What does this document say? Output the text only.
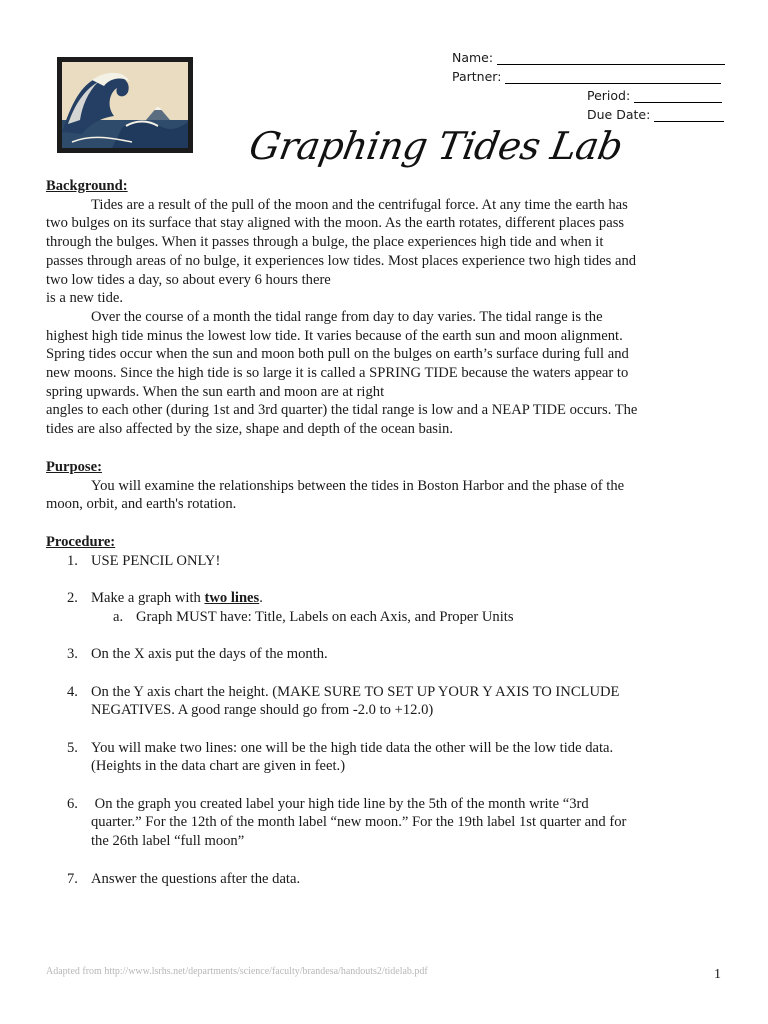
Name:
Partner:
Period:
Due Date:
Graphing Tides Lab
Background:
Tides are a result of the pull of the moon and the centrifugal force. At any time the earth has
two bulges on its surface that stay aligned with the moon. As the earth rotates, different places pass
through the bulges. When it passes through a bulge, the place experiences high tide and when it
passes through areas of no bulge, it experiences low tides. Most places experience two high tides and
two low tides a day, so about every 6 hours there
is a new tide.
Over the course of a month the tidal range from day to day varies. The tidal range is the
highest high tide minus the lowest low tide. It varies because of the earth sun and moon alignment.
Spring tides occur when the sun and moon both pull on the bulges on earth’s surface during full and
new moons. Since the high tide is so large it is called a SPRING TIDE because the waters appear to
spring upwards. When the sun earth and moon are at right
angles to each other (during 1st and 3rd quarter) the tidal range is low and a NEAP TIDE occurs. The
tides are also affected by the size, shape and depth of the ocean basin.
Purpose:
You will examine the relationships between the tides in Boston Harbor and the phase of the
moon, orbit, and earth's rotation.
Procedure:
1. USE PENCIL ONLY!
2. Make a graph with two lines.
a. Graph MUST have: Title, Labels on each Axis, and Proper Units
3. On the X axis put the days of the month.
4. On the Y axis chart the height. (MAKE SURE TO SET UP YOUR Y AXIS TO INCLUDE
NEGATIVES. A good range should go from -2.0 to +12.0)
5. You will make two lines: one will be the high tide data the other will be the low tide data.
(Heights in the data chart are given in feet.)
6. On the graph you created label your high tide line by the 5th of the month write “3rd
quarter.” For the 12th of the month label “new moon.” For the 19th label 1st quarter and for
the 26th label “full moon”
7. Answer the questions after the data.
Adapted from http://www.lsrhs.net/departments/science/faculty/brandesa/handouts2/tidelab.pdf	1
